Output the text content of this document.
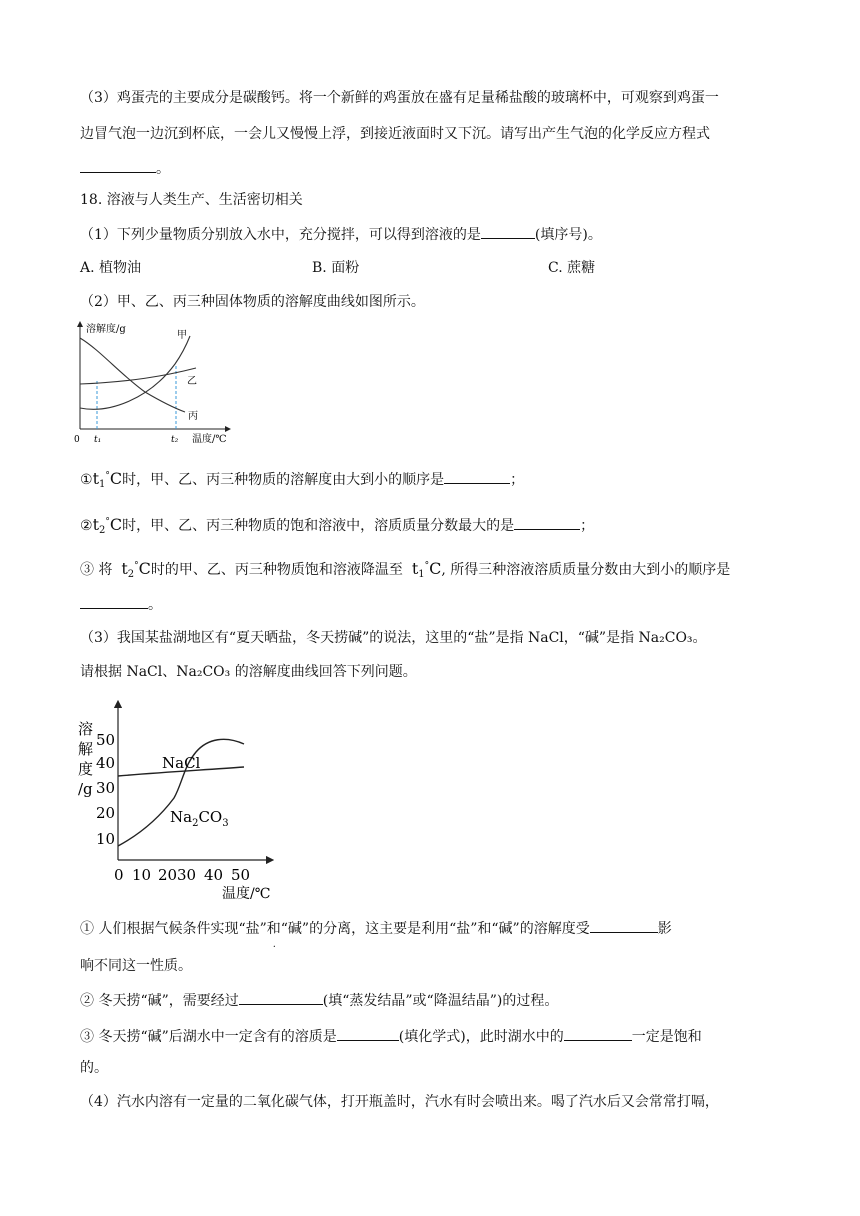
（3）鸡蛋壳的主要成分是碳酸钙。将一个新鲜的鸡蛋放在盛有足量稀盐酸的玻璃杯中，可观察到鸡蛋一
边冒气泡一边沉到杯底，一会儿又慢慢上浮，到接近液面时又下沉。请写出产生气泡的化学反应方程式
。
18. 溶液与人类生产、生活密切相关
（1）下列少量物质分别放入水中，充分搅拌，可以得到溶液的是	(填序号)。
A. 植物油	B. 面粉	C. 蔗糖
（2）甲、乙、丙三种固体物质的溶解度曲线如图所示。
溶解度/g
0 t₁	t₂ 温度/℃
甲
乙
丙
$①t_1^\circ C$时，甲、乙、丙三种物质的溶解度由大到小的顺序是	；
$②t_2^\circ C$时，甲、乙、丙三种物质的饱和溶液中，溶质质量分数最大的是	；
③ 将 $t_2^\circ C$时的甲、乙、丙三种物质饱和溶液降温至 $t_1^\circ C$, 所得三种溶液溶质质量分数由大到小的顺序是
。
（3）我国某盐湖地区有“夏天晒盐，冬天捞碱”的说法，这里的“盐”是指 NaCl，“碱”是指 Na₂CO₃。
请根据 NaCl、Na₂CO₃ 的溶解度曲线回答下列问题。
溶
解
度
/g
10
20
30
40
50
0 10 20 30 40 50
温度/℃
NaCl
$Na_2CO_3$
① 人们根据气候条件实现“盐”和
.
“碱”的分离，这主要是利用“盐”和“碱”的溶解度受	影
响不同这一性质。
② 冬天捞“碱”，需要经过	(填“蒸发结晶”或“降温结晶”)的过程。
③ 冬天捞“碱”后湖水中一定含有的溶质是	(填化学式)，此时湖水中的	一定是饱和
的。
（4）汽水内溶有一定量的二氧化碳气体，打开瓶盖时，汽水有时会喷出来。喝了汽水后又会常常打嗝，
